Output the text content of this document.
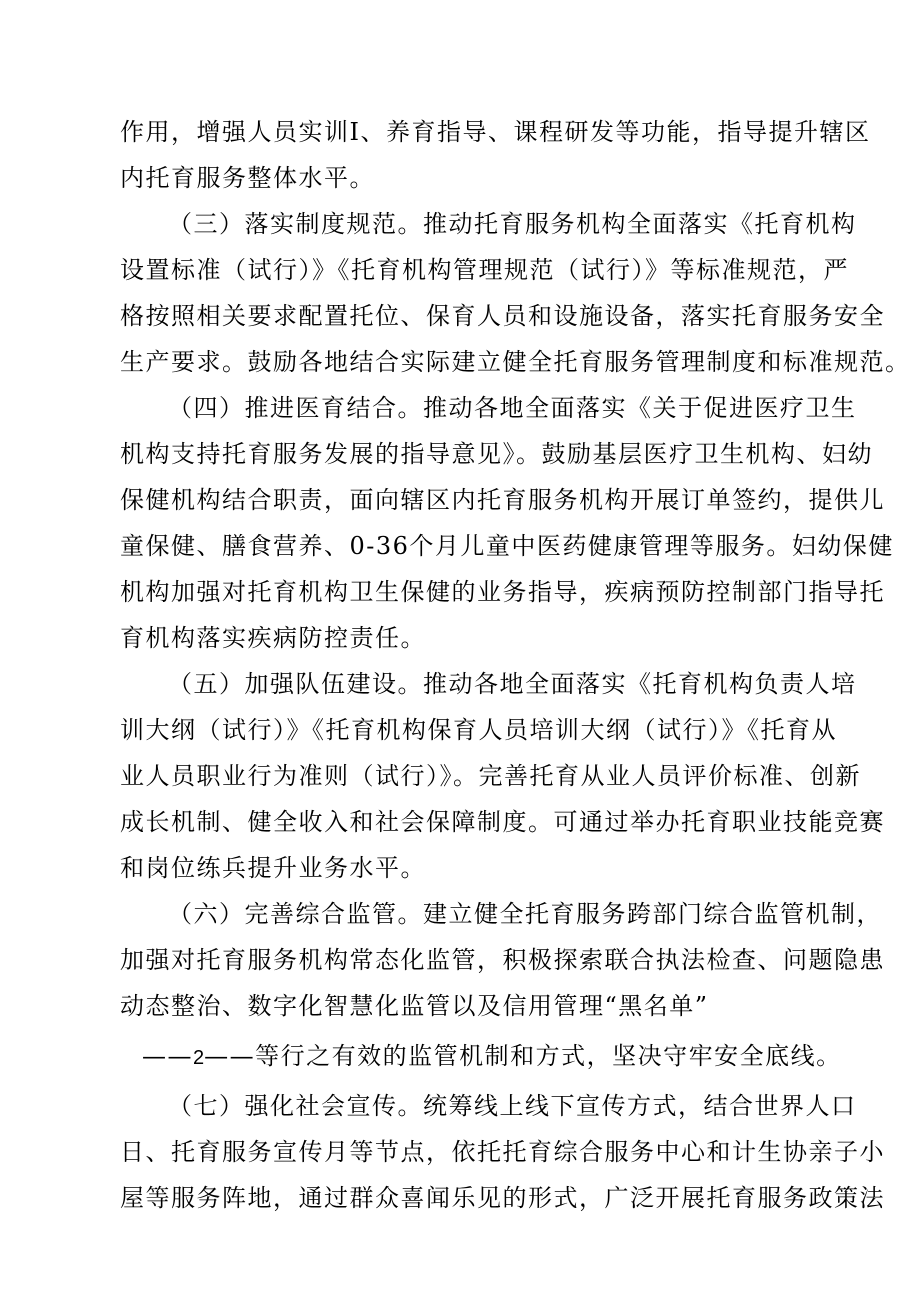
作用，增强人员实训I、养育指导、课程研发等功能，指导提升辖区
内托育服务整体水平。
（三）落实制度规范。推动托育服务机构全面落实《托育机构
设置标准（试行）》《托育机构管理规范（试行）》等标准规范，严
格按照相关要求配置托位、保育人员和设施设备，落实托育服务安全
生产要求。鼓励各地结合实际建立健全托育服务管理制度和标准规范。
（四）推进医育结合。推动各地全面落实《关于促进医疗卫生
机构支持托育服务发展的指导意见》。鼓励基层医疗卫生机构、妇幼
保健机构结合职责，面向辖区内托育服务机构开展订单签约，提供儿
童保健、膳食营养、0-36个月儿童中医药健康管理等服务。妇幼保健
机构加强对托育机构卫生保健的业务指导，疾病预防控制部门指导托
育机构落实疾病防控责任。
（五）加强队伍建设。推动各地全面落实《托育机构负责人培
训大纲（试行）》《托育机构保育人员培训大纲（试行）》《托育从
业人员职业行为准则（试行）》。完善托育从业人员评价标准、创新
成长机制、健全收入和社会保障制度。可通过举办托育职业技能竞赛
和岗位练兵提升业务水平。
（六）完善综合监管。建立健全托育服务跨部门综合监管机制，
加强对托育服务机构常态化监管，积极探索联合执法检查、问题隐患
动态整治、数字化智慧化监管以及信用管理“黑名单”
——2——等行之有效的监管机制和方式，坚决守牢安全底线。
（七）强化社会宣传。统筹线上线下宣传方式，结合世界人口
日、托育服务宣传月等节点，依托托育综合服务中心和计生协亲子小
屋等服务阵地，通过群众喜闻乐见的形式，广泛开展托育服务政策法
